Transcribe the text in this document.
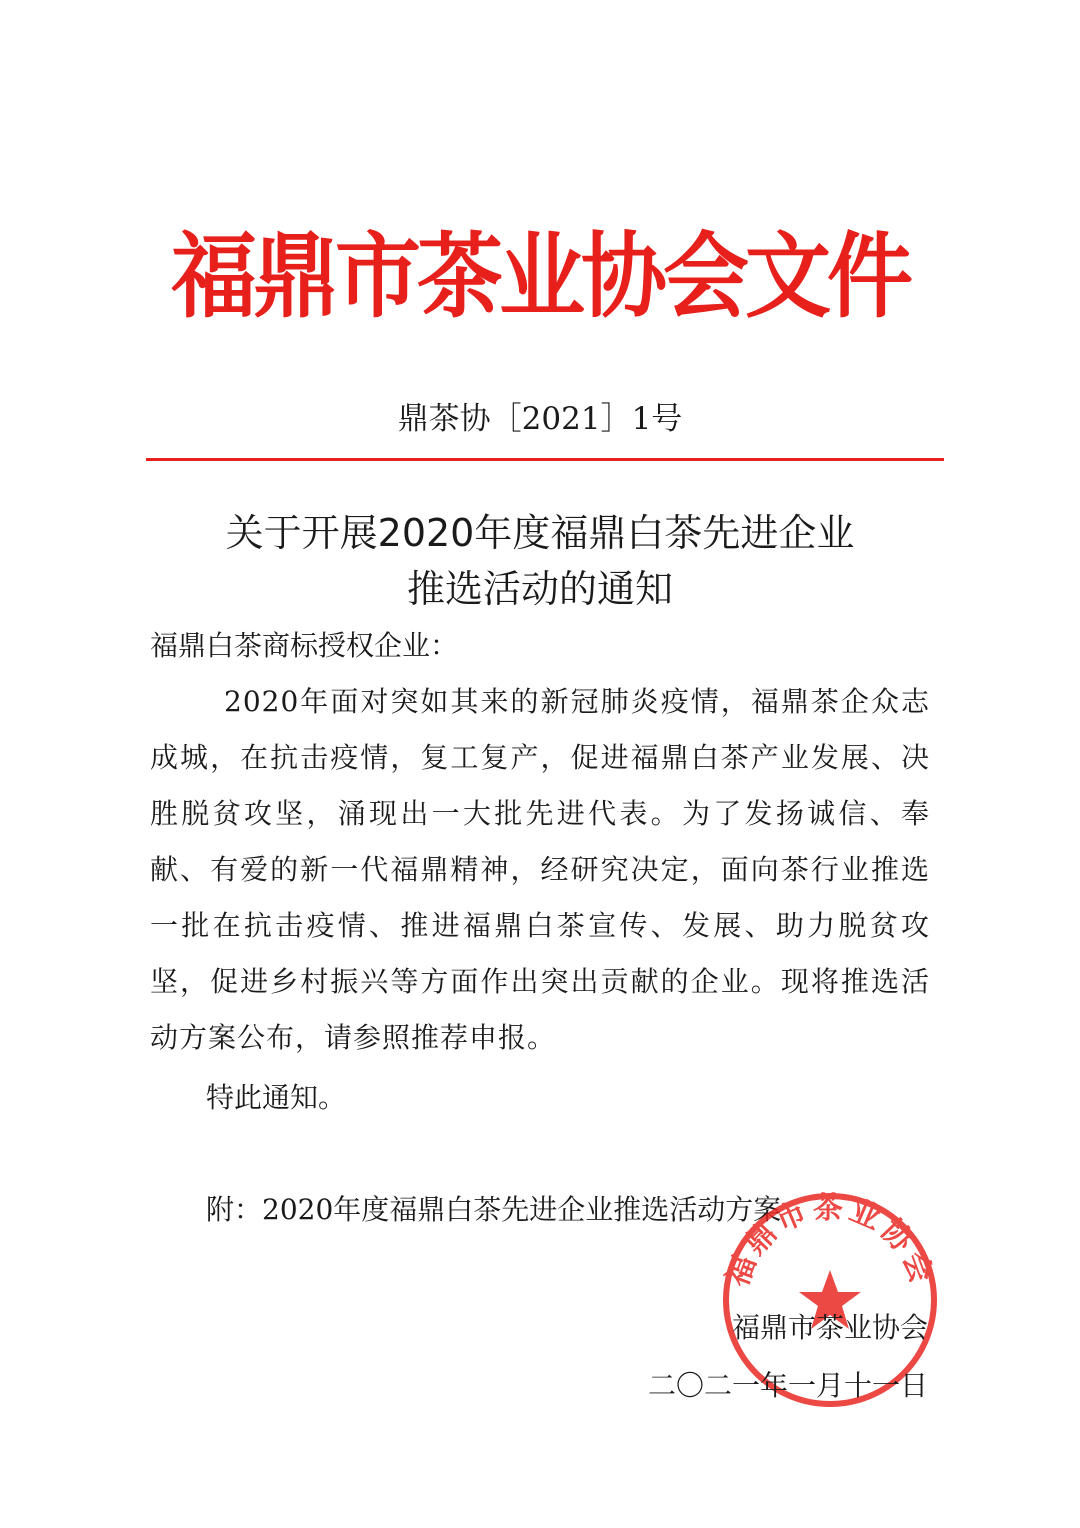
福鼎市茶业协会文件
鼎茶协［2021］1号
关于开展2020年度福鼎白茶先进企业
推选活动的通知
福鼎白茶商标授权企业：
2020年面对突如其来的新冠肺炎疫情，福鼎茶企众志成城，在抗击疫情，复工复产，促进福鼎白茶产业发展、决胜脱贫攻坚，涌现出一大批先进代表。为了发扬诚信、奉献、有爱的新一代福鼎精神，经研究决定，面向茶行业推选一批在抗击疫情、推进福鼎白茶宣传、发展、助力脱贫攻坚，促进乡村振兴等方面作出突出贡献的企业。现将推选活动方案公布，请参照推荐申报。
特此通知。
附：2020年度福鼎白茶先进企业推选活动方案
福鼎市茶业协会
福鼎市茶业协会
二〇二一年一月十一日
